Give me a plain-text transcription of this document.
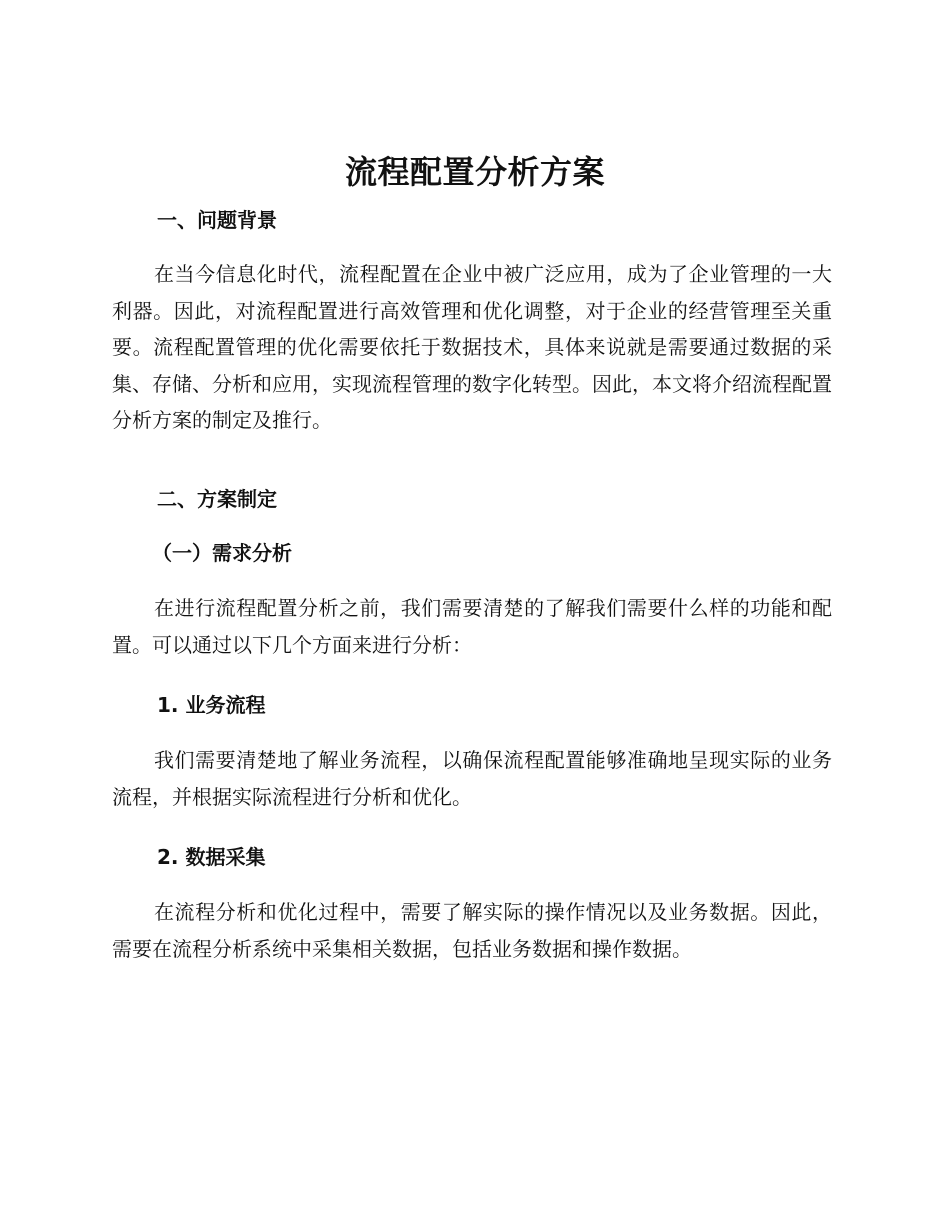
流程配置分析方案
一、问题背景

在当今信息化时代，流程配置在企业中被广泛应用，成为了企业管理的一大利器。因此，对流程配置进行高效管理和优化调整，对于企业的经营管理至关重要。流程配置管理的优化需要依托于数据技术，具体来说就是需要通过数据的采集、存储、分析和应用，实现流程管理的数字化转型。因此，本文将介绍流程配置分析方案的制定及推行。

二、方案制定
（一）需求分析

在进行流程配置分析之前，我们需要清楚的了解我们需要什么样的功能和配置。可以通过以下几个方面来进行分析：

1. 业务流程

我们需要清楚地了解业务流程，以确保流程配置能够准确地呈现实际的业务流程，并根据实际流程进行分析和优化。

2. 数据采集

在流程分析和优化过程中，需要了解实际的操作情况以及业务数据。因此，需要在流程分析系统中采集相关数据，包括业务数据和操作数据。
